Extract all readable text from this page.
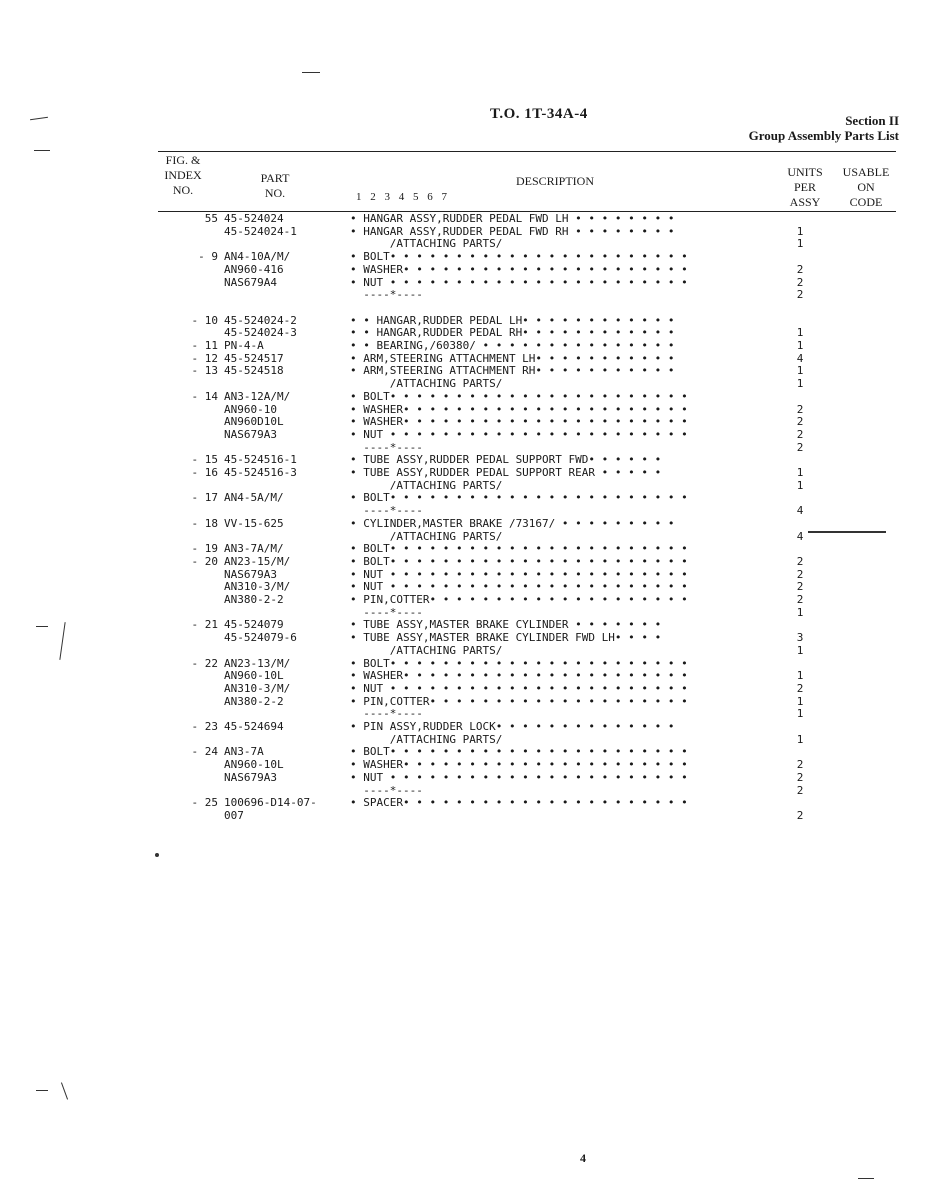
T.O. 1T-34A-4	Section II
Group Assembly Parts List
FIG. &
INDEX
NO.
PART
NO.
DESCRIPTION
1 2 3 4 5 6 7
UNITS
PER
ASSY
USABLE
ON
CODE
55 45-524024	• HANGAR ASSY,RUDDER PEDAL FWD LH • • • • • • • •
45-524024-1	• HANGAR ASSY,RUDDER PEDAL FWD RH • • • • • • • •	1
/ATTACHING PARTS/	1
- 9 AN4-10A/M/	• BOLT• • • • • • • • • • • • • • • • • • • • • • •
AN960-416	• WASHER• • • • • • • • • • • • • • • • • • • • • •	2
NAS679A4	• NUT • • • • • • • • • • • • • • • • • • • • • • •	2
----*----	2
- 10 45-524024-2	• • HANGAR,RUDDER PEDAL LH• • • • • • • • • • • •
45-524024-3	• • HANGAR,RUDDER PEDAL RH• • • • • • • • • • • •	1
- 11 PN-4-A	• • BEARING,/60380/ • • • • • • • • • • • • • • •	1
- 12 45-524517	• ARM,STEERING ATTACHMENT LH• • • • • • • • • • •	4
- 13 45-524518	• ARM,STEERING ATTACHMENT RH• • • • • • • • • • •	1
/ATTACHING PARTS/	1
- 14 AN3-12A/M/	• BOLT• • • • • • • • • • • • • • • • • • • • • • •
AN960-10	• WASHER• • • • • • • • • • • • • • • • • • • • • •	2
AN960D10L	• WASHER• • • • • • • • • • • • • • • • • • • • • •	2
NAS679A3	• NUT • • • • • • • • • • • • • • • • • • • • • • •	2
----*----	2
- 15 45-524516-1	• TUBE ASSY,RUDDER PEDAL SUPPORT FWD• • • • • •
- 16 45-524516-3	• TUBE ASSY,RUDDER PEDAL SUPPORT REAR • • • • •	1
/ATTACHING PARTS/	1
- 17 AN4-5A/M/	• BOLT• • • • • • • • • • • • • • • • • • • • • • •
----*----	4
- 18 VV-15-625	• CYLINDER,MASTER BRAKE /73167/ • • • • • • • • •
/ATTACHING PARTS/	4
- 19 AN3-7A/M/	• BOLT• • • • • • • • • • • • • • • • • • • • • • •
- 20 AN23-15/M/	• BOLT• • • • • • • • • • • • • • • • • • • • • • •	2
NAS679A3	• NUT • • • • • • • • • • • • • • • • • • • • • • •	2
AN310-3/M/	• NUT • • • • • • • • • • • • • • • • • • • • • • •	2
AN380-2-2	• PIN,COTTER• • • • • • • • • • • • • • • • • • • •	2
----*----	1
- 21 45-524079	• TUBE ASSY,MASTER BRAKE CYLINDER • • • • • • •
45-524079-6	• TUBE ASSY,MASTER BRAKE CYLINDER FWD LH• • • •	3
/ATTACHING PARTS/	1
- 22 AN23-13/M/	• BOLT• • • • • • • • • • • • • • • • • • • • • • •
AN960-10L	• WASHER• • • • • • • • • • • • • • • • • • • • • •	1
AN310-3/M/	• NUT • • • • • • • • • • • • • • • • • • • • • • •	2
AN380-2-2	• PIN,COTTER• • • • • • • • • • • • • • • • • • • •	1
----*----	1
- 23 45-524694	• PIN ASSY,RUDDER LOCK• • • • • • • • • • • • • •
/ATTACHING PARTS/	1
- 24 AN3-7A	• BOLT• • • • • • • • • • • • • • • • • • • • • • •
AN960-10L	• WASHER• • • • • • • • • • • • • • • • • • • • • •	2
NAS679A3	• NUT • • • • • • • • • • • • • • • • • • • • • • •	2
----*----	2
- 25 100696-D14-07-	• SPACER• • • • • • • • • • • • • • • • • • • • • •
007	2
4
